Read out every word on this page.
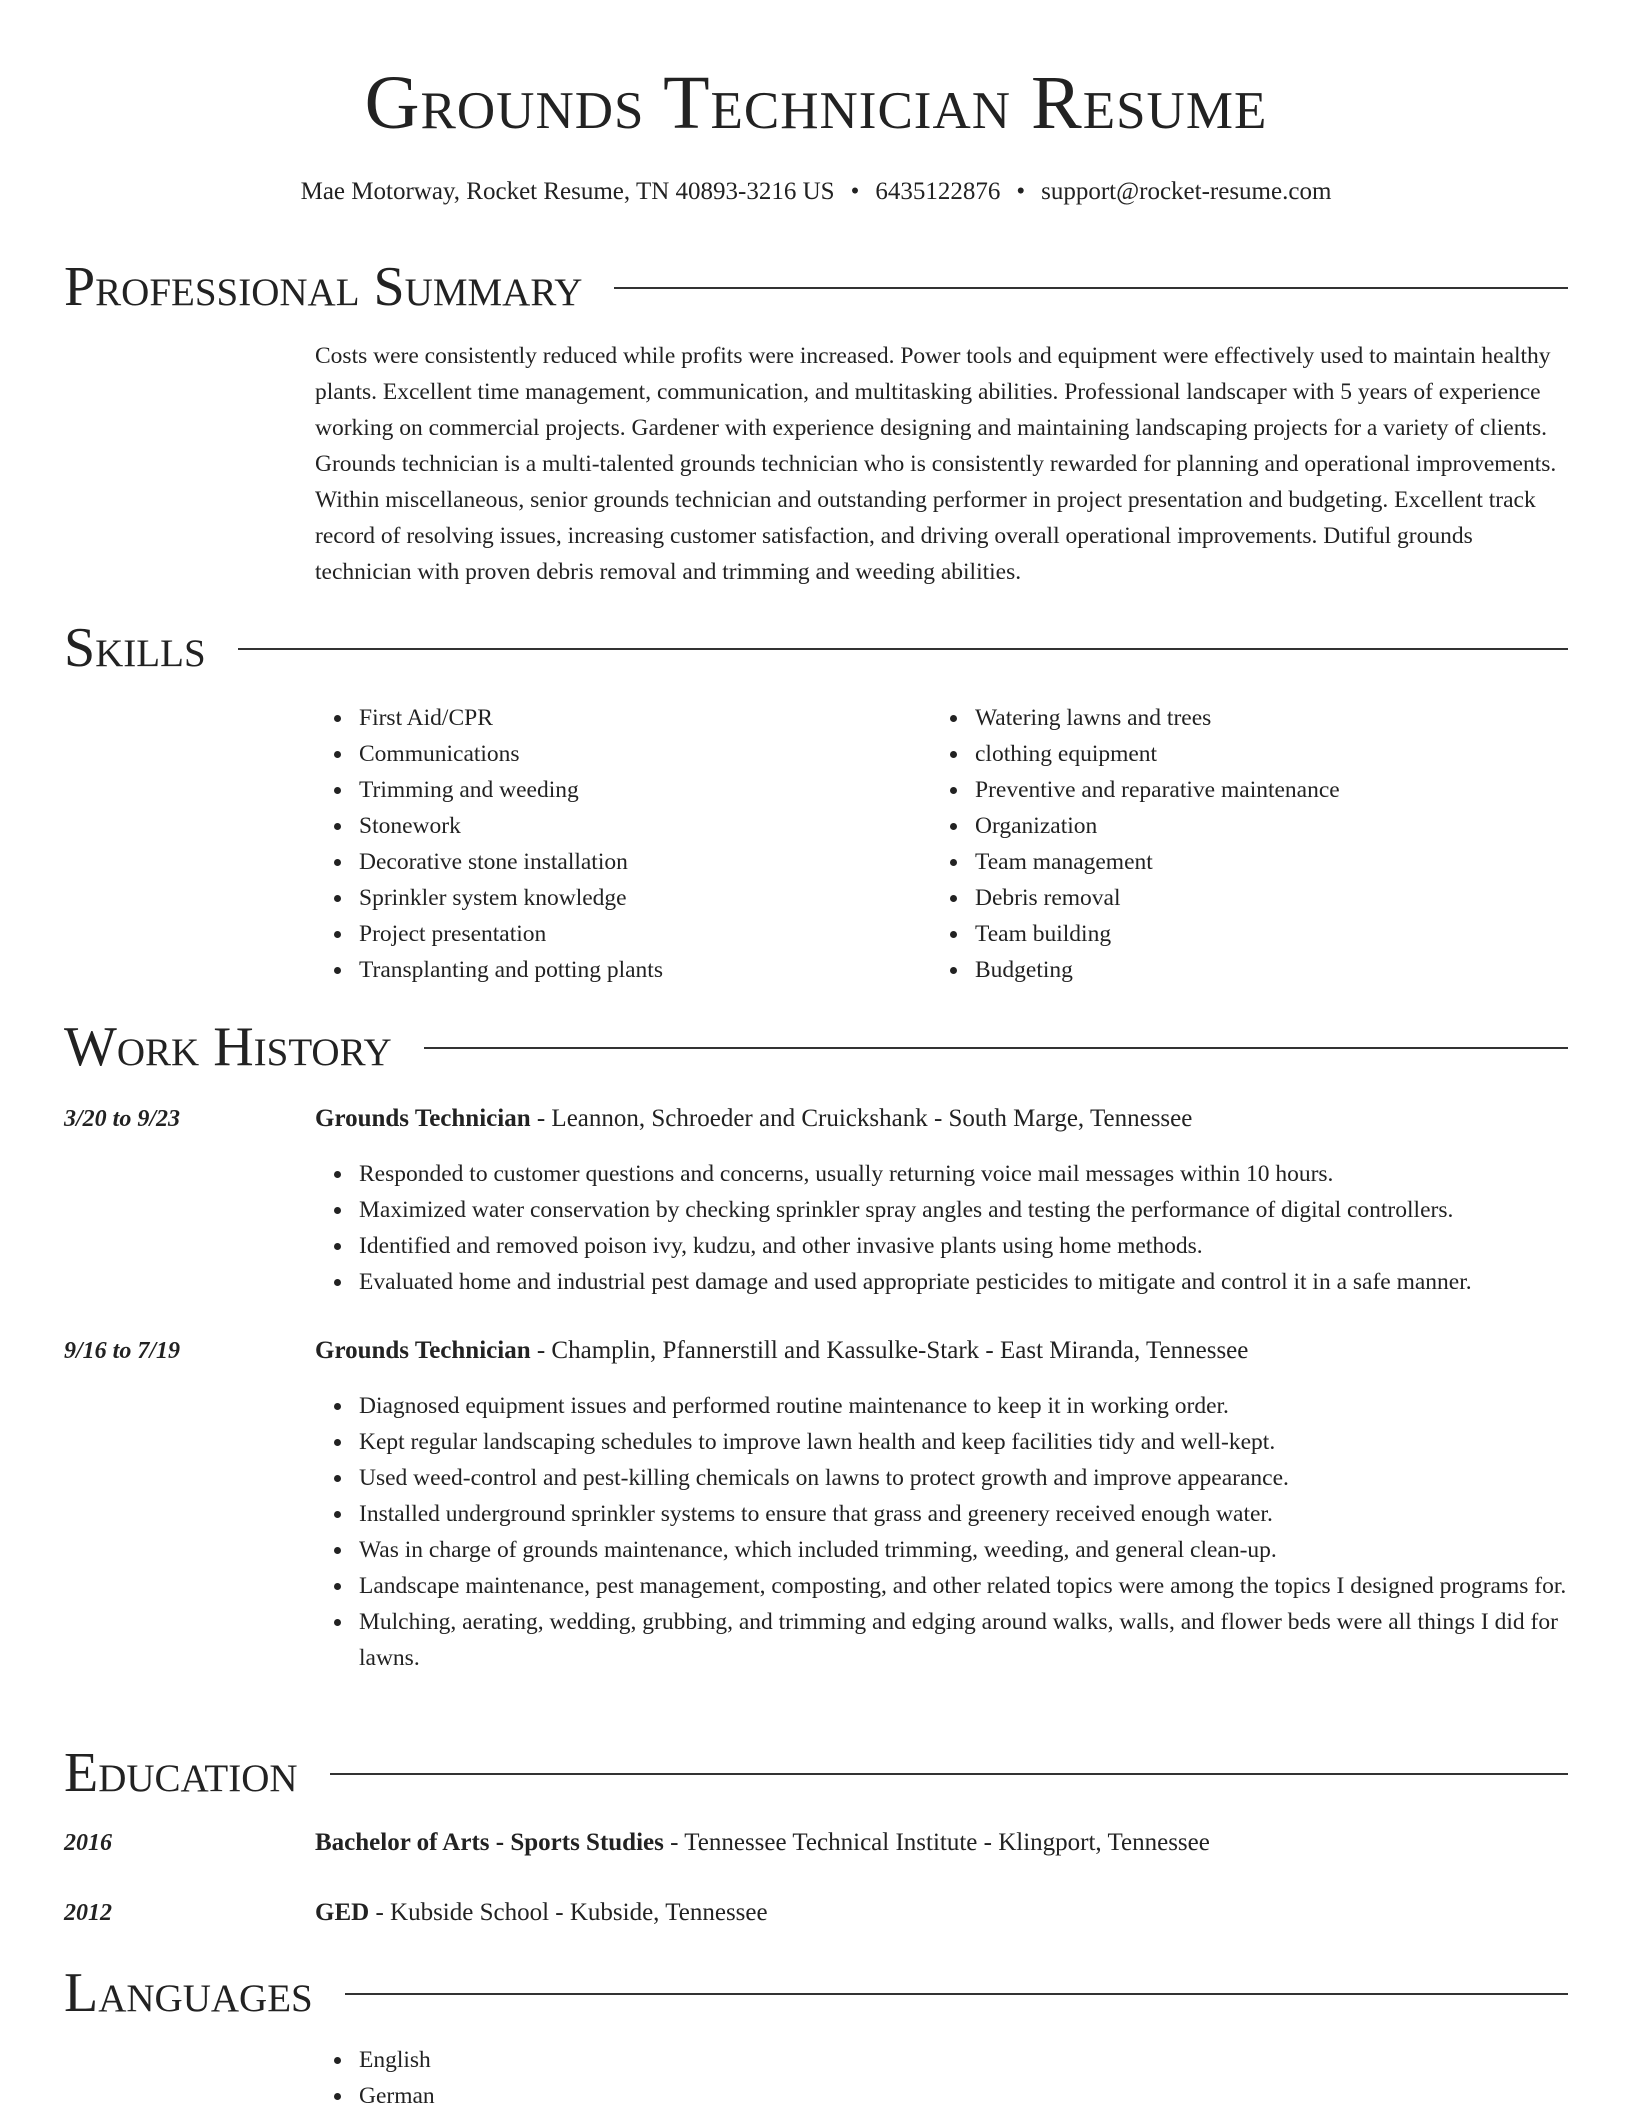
Grounds Technician Resume
Mae Motorway, Rocket Resume, TN 40893-3216 US • 6435122876 • support@rocket-resume.com
Professional Summary

Costs were consistently reduced while profits were increased. Power tools and equipment were effectively used to maintain healthy plants. Excellent time management, communication, and multitasking abilities. Professional landscaper with 5 years of experience working on commercial projects. Gardener with experience designing and maintaining landscaping projects for a variety of clients. Grounds technician is a multi-talented grounds technician who is consistently rewarded for planning and operational improvements. Within miscellaneous, senior grounds technician and outstanding performer in project presentation and budgeting. Excellent track record of resolving issues, increasing customer satisfaction, and driving overall operational improvements. Dutiful grounds technician with proven debris removal and trimming and weeding abilities.

Skills
First Aid/CPR
Communications
Trimming and weeding
Stonework
Decorative stone installation
Sprinkler system knowledge
Project presentation
Transplanting and potting plants
Watering lawns and trees
clothing equipment
Preventive and reparative maintenance
Organization
Team management
Debris removal
Team building
Budgeting
Work History
3/20 to 9/23	Grounds Technician - Leannon, Schroeder and Cruickshank - South Marge, Tennessee
Responded to customer questions and concerns, usually returning voice mail messages within 10 hours.
Maximized water conservation by checking sprinkler spray angles and testing the performance of digital controllers.
Identified and removed poison ivy, kudzu, and other invasive plants using home methods.
Evaluated home and industrial pest damage and used appropriate pesticides to mitigate and control it in a safe manner.
9/16 to 7/19	Grounds Technician - Champlin, Pfannerstill and Kassulke-Stark - East Miranda, Tennessee
Diagnosed equipment issues and performed routine maintenance to keep it in working order.
Kept regular landscaping schedules to improve lawn health and keep facilities tidy and well-kept.
Used weed-control and pest-killing chemicals on lawns to protect growth and improve appearance.
Installed underground sprinkler systems to ensure that grass and greenery received enough water.
Was in charge of grounds maintenance, which included trimming, weeding, and general clean-up.
Landscape maintenance, pest management, composting, and other related topics were among the topics I designed programs for.
Mulching, aerating, wedding, grubbing, and trimming and edging around walks, walls, and flower beds were all things I did for lawns.
Education
2016	Bachelor of Arts - Sports Studies - Tennessee Technical Institute - Klingport, Tennessee
2012	GED - Kubside School - Kubside, Tennessee
Languages
English
German
